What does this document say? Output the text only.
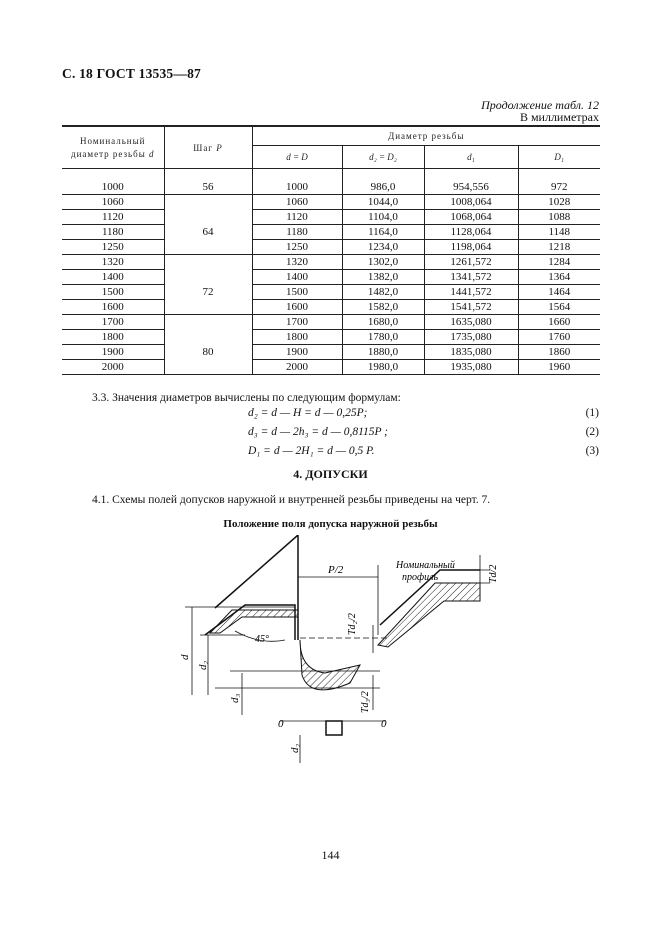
С. 18 ГОСТ 13535—87
Продолжение табл. 12
В миллиметрах
Номинальный
диаметр резьбы d	Шаг P	Диаметр резьбы			
		d = D	d₂ = D₂	d₁	D₁

1000	56	1000	986,0	954,556	972
1060		1060	1044,0	1008,064	1028
1120		1120	1104,0	1068,064	1088
1180	64	1180	1164,0	1128,064	1148
1250		1250	1234,0	1198,064	1218
1320		1320	1302,0	1261,572	1284
1400		1400	1382,0	1341,572	1364
1500	72	1500	1482,0	1441,572	1464
1600		1600	1582,0	1541,572	1564
1700		1700	1680,0	1635,080	1660
1800		1800	1780,0	1735,080	1760
1900	80	1900	1880,0	1835,080	1860
2000		2000	1980,0	1935,080	1960
3.3. Значения диаметров вычислены по следующим формулам:
d₂ = d — H = d — 0,25P;	(1)
d₃ = d — 2h₃ = d — 0,8115P ;	(2)
D₁ = d — 2H₁ = d — 0,5 P.	(3)
4. ДОПУСКИ
4.1. Схемы полей допусков наружной и внутренней резьбы приведены на черт. 7.
Положение поля допуска наружной резьбы
P/2	Номинальный
профиль	Td/2
Td₂/2
Td₃/2
45°
d
d₂
d₃
0	0
d₂
144
